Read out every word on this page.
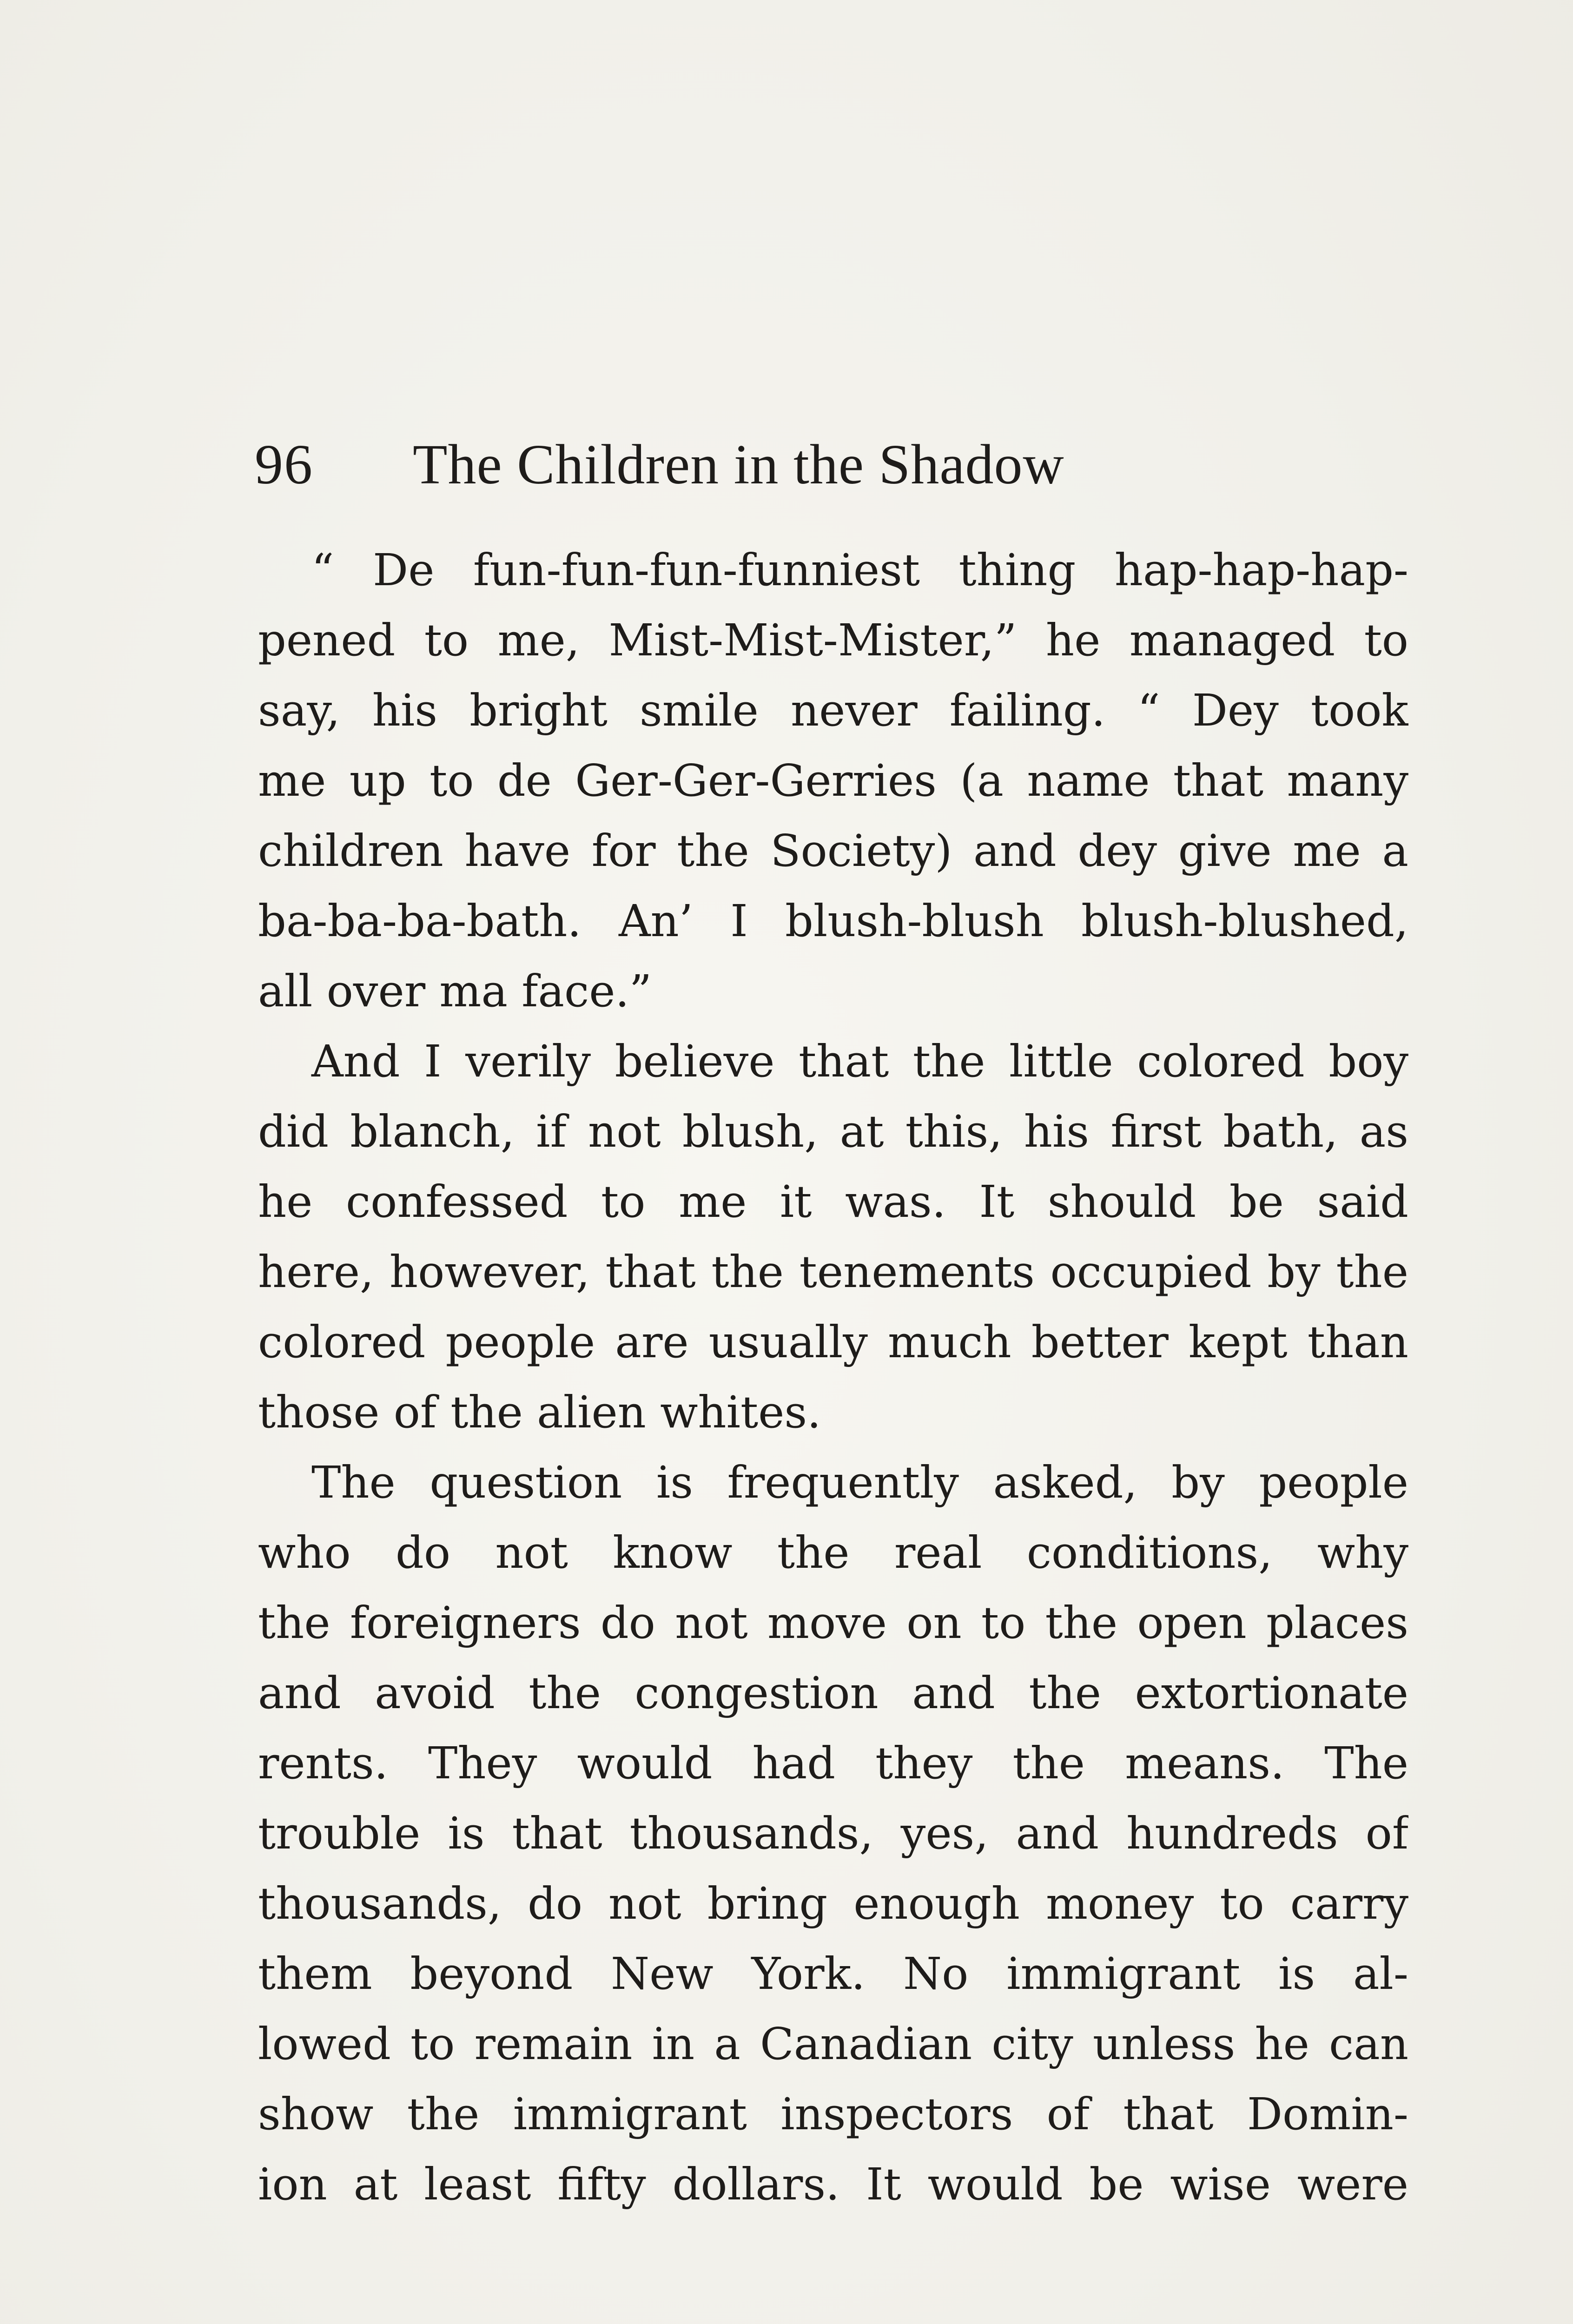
96 The Children in the Shadow
“ De fun-fun-fun-funniest thing hap-hap-hap-
pened to me, Mist-Mist-Mister,” he managed to
say, his bright smile never failing. “ Dey took
me up to de Ger-Ger-Gerries (a name that many
children have for the Society) and dey give me a
ba-ba-ba-bath. An’ I blush-blush blush-blushed,
all over ma face.”
And I verily believe that the little colored boy
did blanch, if not blush, at this, his first bath, as
he confessed to me it was. It should be said
here, however, that the tenements occupied by the
colored people are usually much better kept than
those of the alien whites.
The question is frequently asked, by people
who do not know the real conditions, why
the foreigners do not move on to the open places
and avoid the congestion and the extortionate
rents. They would had they the means. The
trouble is that thousands, yes, and hundreds of
thousands, do not bring enough money to carry
them beyond New York. No immigrant is al-
lowed to remain in a Canadian city unless he can
show the immigrant inspectors of that Domin-
ion at least fifty dollars. It would be wise were
